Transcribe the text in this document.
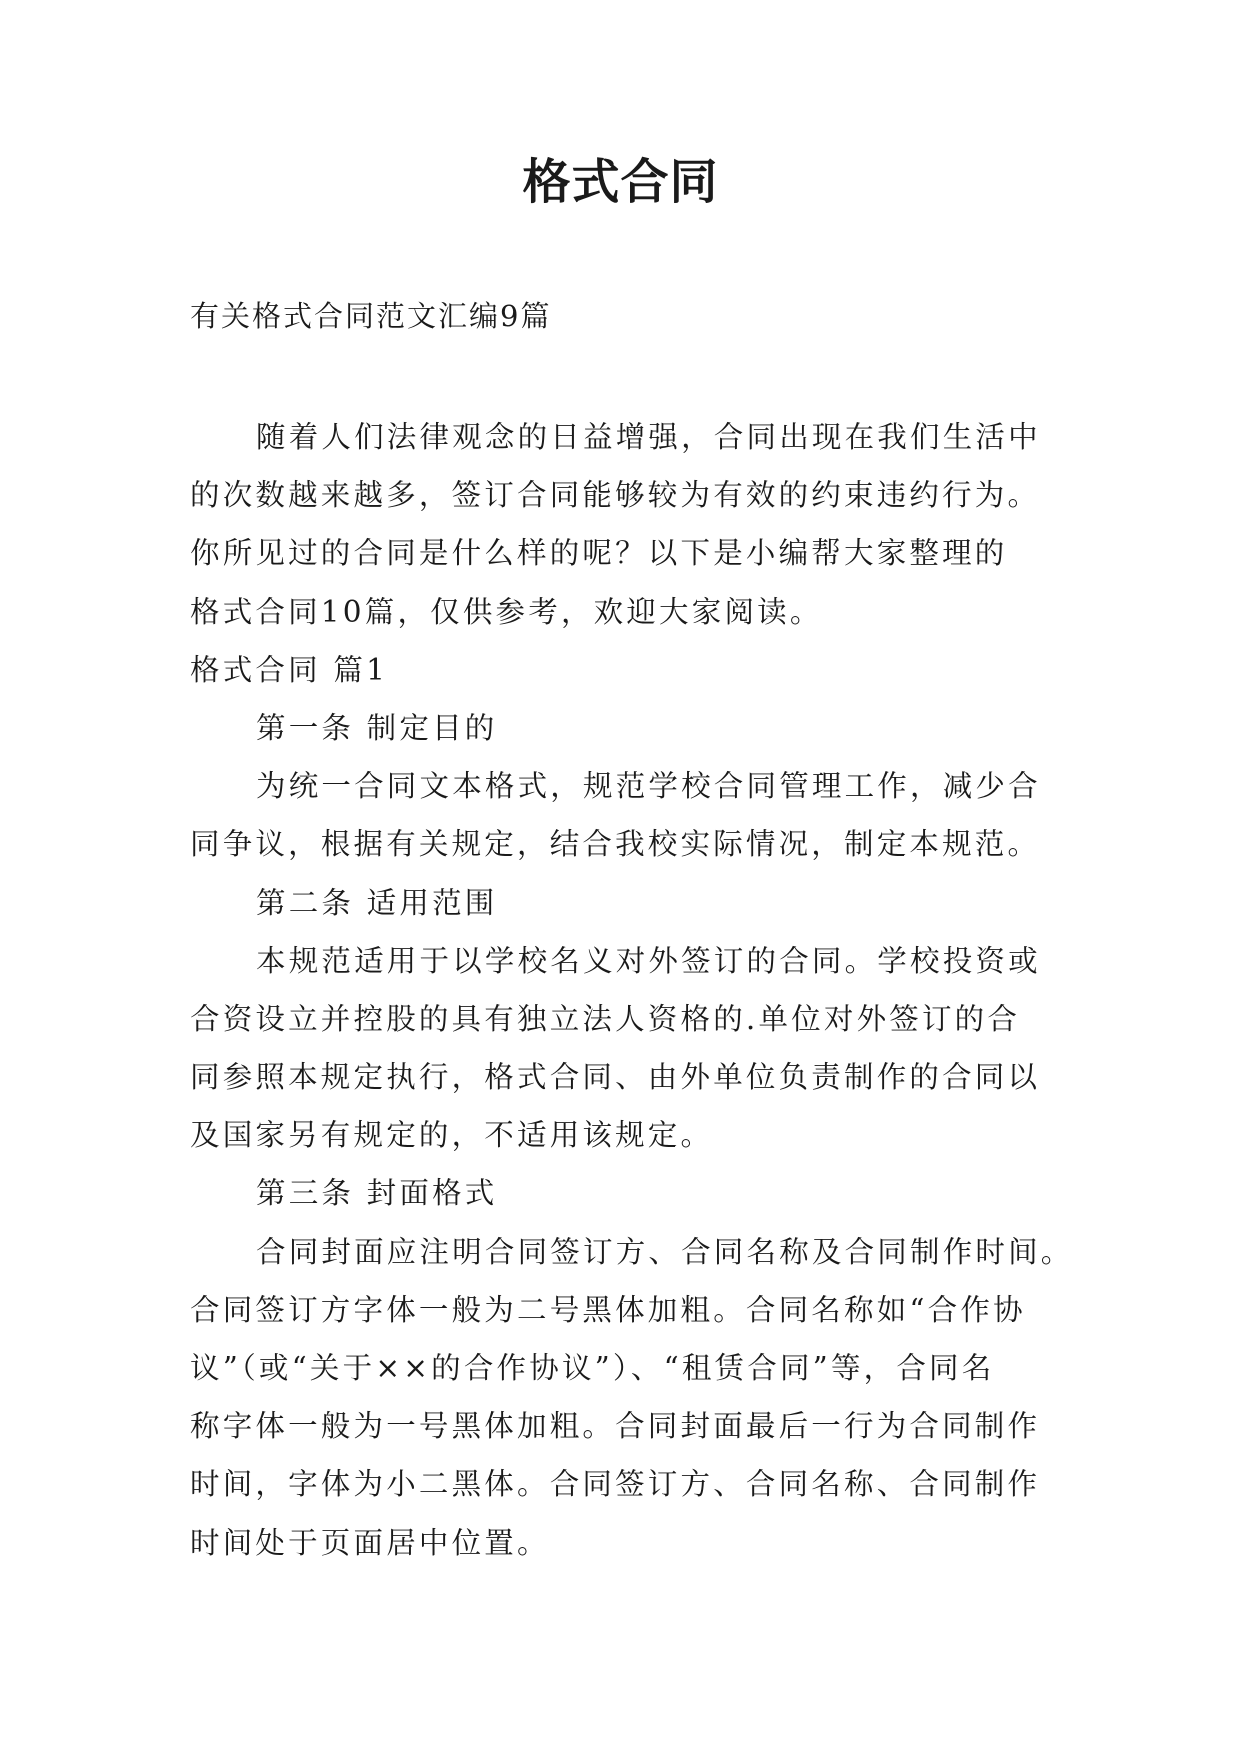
格式合同

有关格式合同范文汇编9篇

随着人们法律观念的日益增强，合同出现在我们生活中
的次数越来越多，签订合同能够较为有效的约束违约行为。
你所见过的合同是什么样的呢？以下是小编帮大家整理的
格式合同10篇，仅供参考，欢迎大家阅读。
格式合同 篇1
第一条 制定目的
为统一合同文本格式，规范学校合同管理工作，减少合
同争议，根据有关规定，结合我校实际情况，制定本规范。
第二条 适用范围
本规范适用于以学校名义对外签订的合同。学校投资或
合资设立并控股的具有独立法人资格的.单位对外签订的合
同参照本规定执行，格式合同、由外单位负责制作的合同以
及国家另有规定的，不适用该规定。
第三条 封面格式
合同封面应注明合同签订方、合同名称及合同制作时间。
合同签订方字体一般为二号黑体加粗。合同名称如“合作协
议”（或“关于××的合作协议”）、“租赁合同”等，合同名
称字体一般为一号黑体加粗。合同封面最后一行为合同制作
时间，字体为小二黑体。合同签订方、合同名称、合同制作
时间处于页面居中位置。
